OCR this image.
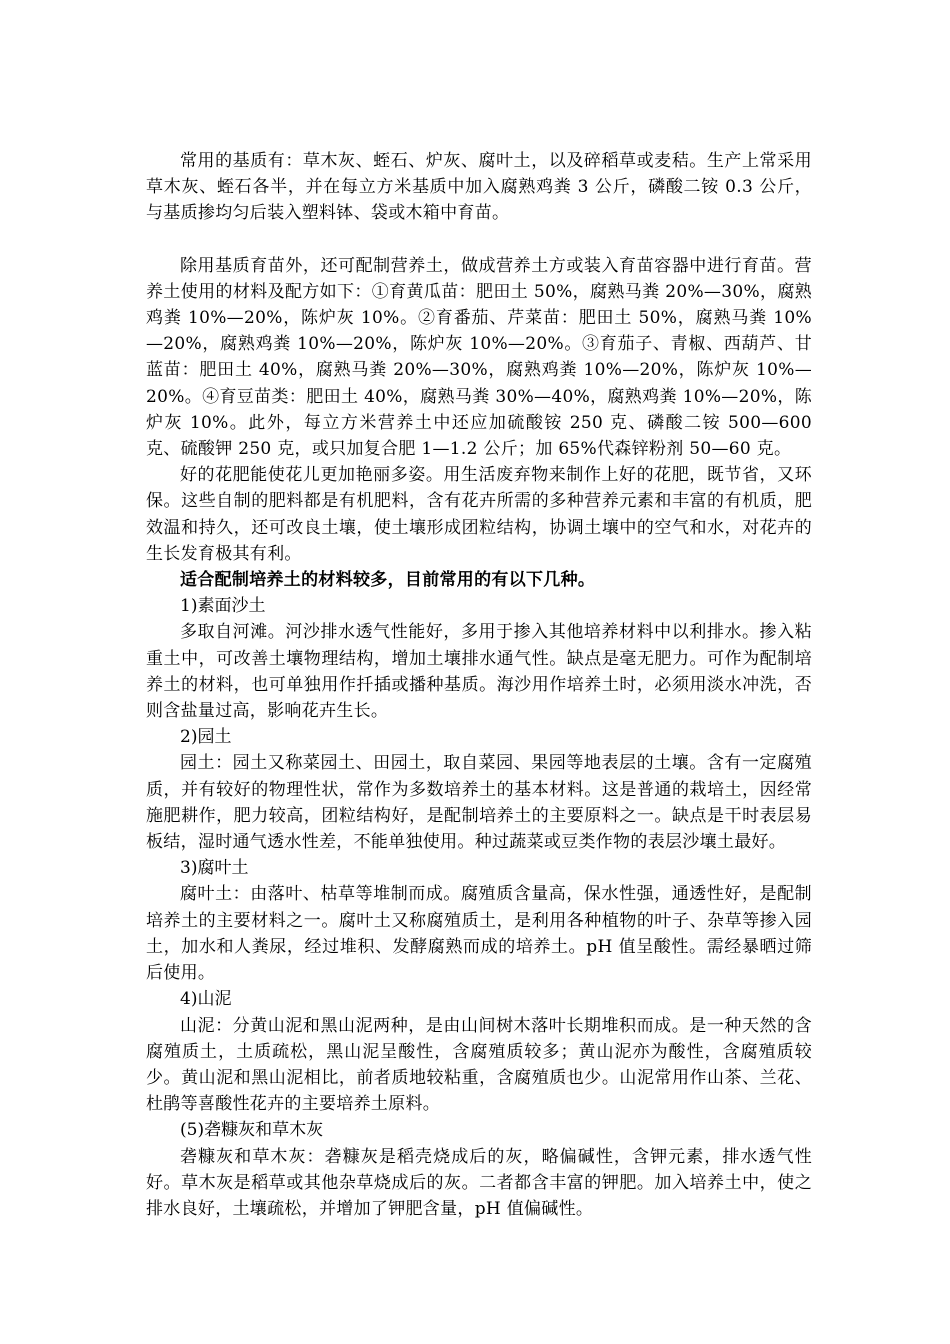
常用的基质有：草木灰、蛭石、炉灰、腐叶土，以及碎稻草或麦秸。生产上常采用草木灰、蛭石各半，并在每立方米基质中加入腐熟鸡粪 3 公斤，磷酸二铵 0.3 公斤，与基质掺均匀后装入塑料钵、袋或木箱中育苗。

除用基质育苗外，还可配制营养土，做成营养土方或装入育苗容器中进行育苗。营养土使用的材料及配方如下：①育黄瓜苗：肥田土 50%，腐熟马粪 20%—30%，腐熟鸡粪 10%—20%，陈炉灰 10%。②育番茄、芹菜苗：肥田土 50%，腐熟马粪 10%—20%，腐熟鸡粪 10%—20%，陈炉灰 10%—20%。③育茄子、青椒、西葫芦、甘蓝苗：肥田土 40%，腐熟马粪 20%—30%，腐熟鸡粪 10%—20%，陈炉灰 10%—20%。④育豆苗类：肥田土 40%，腐熟马粪 30%—40%，腐熟鸡粪 10%—20%，陈炉灰 10%。此外，每立方米营养土中还应加硫酸铵 250 克、磷酸二铵 500—600 克、硫酸钾 250 克，或只加复合肥 1—1.2 公斤；加 65%代森锌粉剂 50—60 克。

好的花肥能使花儿更加艳丽多姿。用生活废弃物来制作上好的花肥，既节省，又环保。这些自制的肥料都是有机肥料，含有花卉所需的多种营养元素和丰富的有机质，肥效温和持久，还可改良土壤，使土壤形成团粒结构，协调土壤中的空气和水，对花卉的生长发育极其有利。

适合配制培养土的材料较多，目前常用的有以下几种。

1)素面沙土

多取自河滩。河沙排水透气性能好，多用于掺入其他培养材料中以利排水。掺入粘重土中，可改善土壤物理结构，增加土壤排水通气性。缺点是毫无肥力。可作为配制培养土的材料，也可单独用作扦插或播种基质。海沙用作培养土时，必须用淡水冲洗，否则含盐量过高，影响花卉生长。

2)园土

园土：园土又称菜园土、田园土，取自菜园、果园等地表层的土壤。含有一定腐殖质，并有较好的物理性状，常作为多数培养土的基本材料。这是普通的栽培土，因经常施肥耕作，肥力较高，团粒结构好，是配制培养土的主要原料之一。缺点是干时表层易板结，湿时通气透水性差，不能单独使用。种过蔬菜或豆类作物的表层沙壤土最好。

3)腐叶土

腐叶土：由落叶、枯草等堆制而成。腐殖质含量高，保水性强，通透性好，是配制培养土的主要材料之一。腐叶土又称腐殖质土，是利用各种植物的叶子、杂草等掺入园土，加水和人粪尿，经过堆积、发酵腐熟而成的培养土。pH 值呈酸性。需经暴晒过筛后使用。

4)山泥

山泥：分黄山泥和黑山泥两种，是由山间树木落叶长期堆积而成。是一种天然的含腐殖质土，土质疏松，黑山泥呈酸性，含腐殖质较多；黄山泥亦为酸性，含腐殖质较少。黄山泥和黑山泥相比，前者质地较粘重，含腐殖质也少。山泥常用作山茶、兰花、杜鹃等喜酸性花卉的主要培养土原料。

(5)砻糠灰和草木灰

砻糠灰和草木灰：砻糠灰是稻壳烧成后的灰，略偏碱性，含钾元素，排水透气性好。草木灰是稻草或其他杂草烧成后的灰。二者都含丰富的钾肥。加入培养土中，使之排水良好，土壤疏松，并增加了钾肥含量，pH 值偏碱性。
